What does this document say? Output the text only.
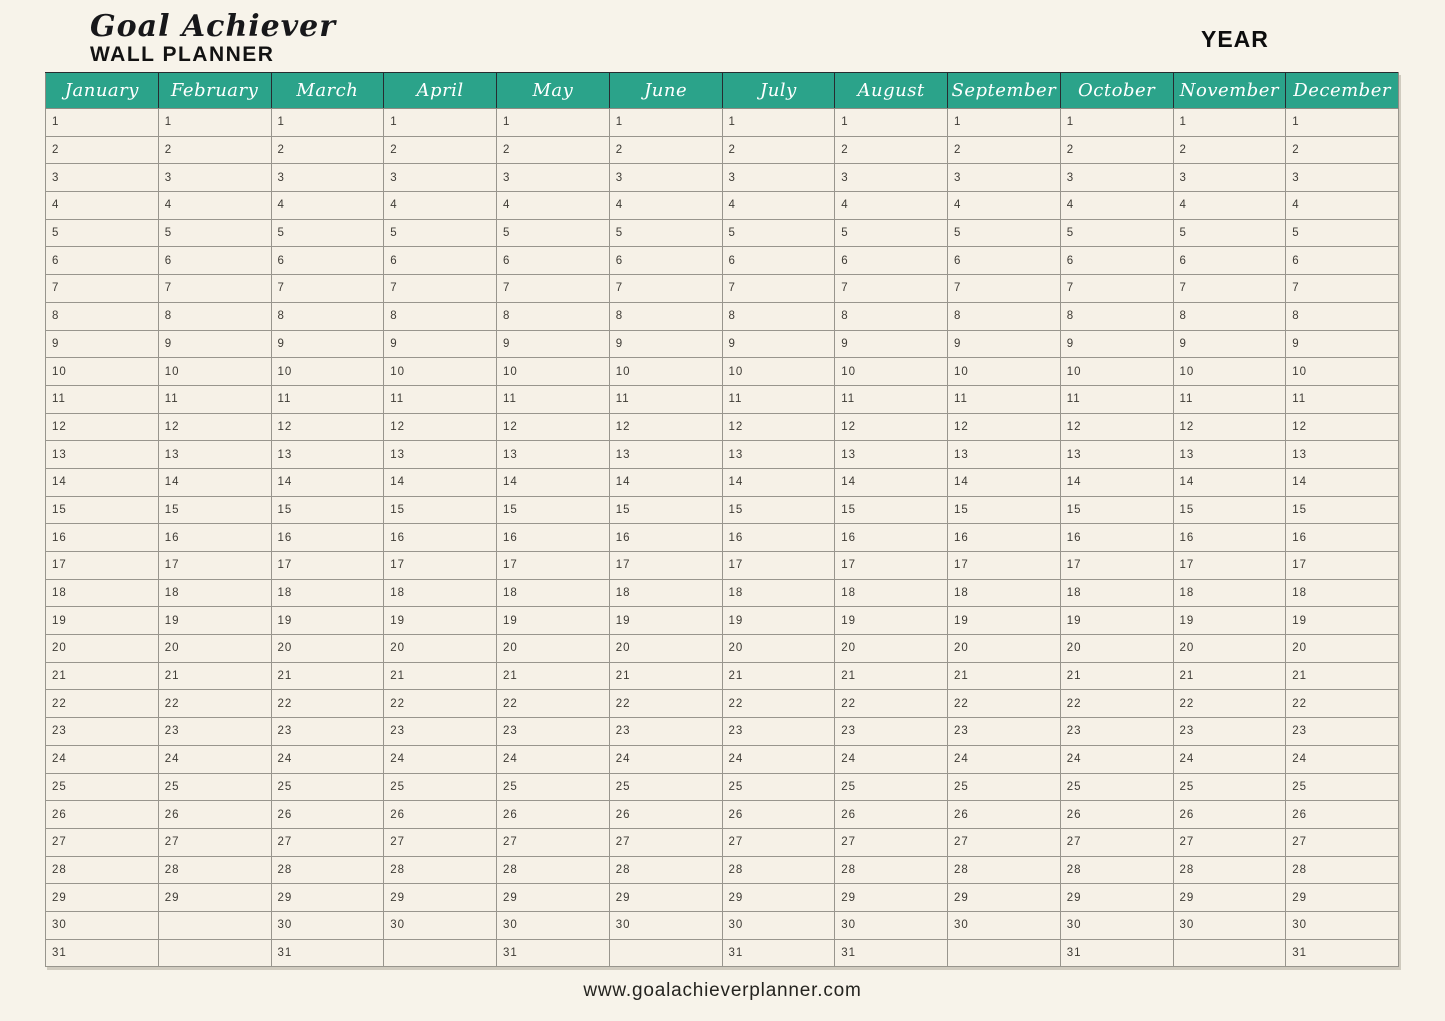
Goal Achiever
WALL PLANNER
YEAR
January	February	March	April	May	June	July	August	September	October	November	December
1	1	1	1	1	1	1	1	1	1	1	1
2	2	2	2	2	2	2	2	2	2	2	2
3	3	3	3	3	3	3	3	3	3	3	3
4	4	4	4	4	4	4	4	4	4	4	4
5	5	5	5	5	5	5	5	5	5	5	5
6	6	6	6	6	6	6	6	6	6	6	6
7	7	7	7	7	7	7	7	7	7	7	7
8	8	8	8	8	8	8	8	8	8	8	8
9	9	9	9	9	9	9	9	9	9	9	9
10	10	10	10	10	10	10	10	10	10	10	10
11	11	11	11	11	11	11	11	11	11	11	11
12	12	12	12	12	12	12	12	12	12	12	12
13	13	13	13	13	13	13	13	13	13	13	13
14	14	14	14	14	14	14	14	14	14	14	14
15	15	15	15	15	15	15	15	15	15	15	15
16	16	16	16	16	16	16	16	16	16	16	16
17	17	17	17	17	17	17	17	17	17	17	17
18	18	18	18	18	18	18	18	18	18	18	18
19	19	19	19	19	19	19	19	19	19	19	19
20	20	20	20	20	20	20	20	20	20	20	20
21	21	21	21	21	21	21	21	21	21	21	21
22	22	22	22	22	22	22	22	22	22	22	22
23	23	23	23	23	23	23	23	23	23	23	23
24	24	24	24	24	24	24	24	24	24	24	24
25	25	25	25	25	25	25	25	25	25	25	25
26	26	26	26	26	26	26	26	26	26	26	26
27	27	27	27	27	27	27	27	27	27	27	27
28	28	28	28	28	28	28	28	28	28	28	28
29	29	29	29	29	29	29	29	29	29	29	29
30		30	30	30	30	30	30	30	30	30	30
31		31		31		31	31		31		31
www.goalachieverplanner.com
